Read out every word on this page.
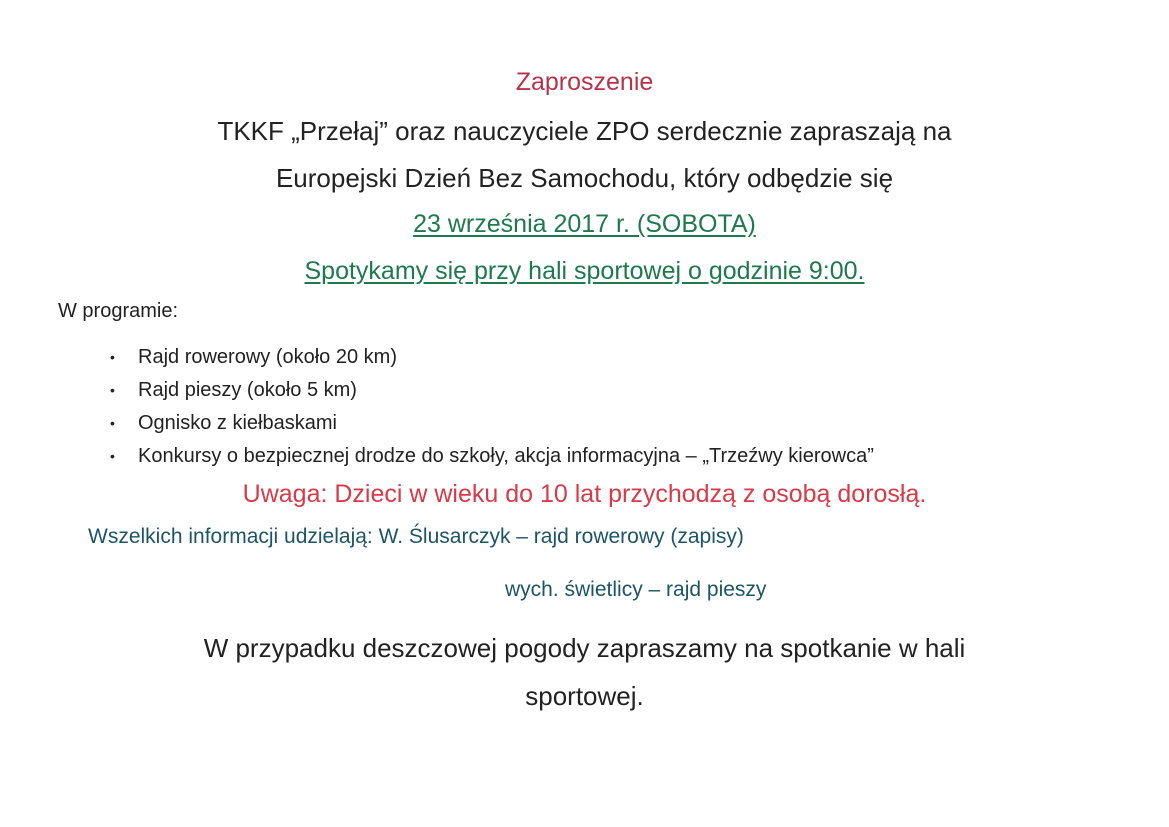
Zaproszenie
TKKF „Przełaj” oraz nauczyciele ZPO serdecznie zapraszają na
Europejski Dzień Bez Samochodu, który odbędzie się
23 września 2017 r. (SOBOTA)
Spotykamy się przy hali sportowej o godzinie 9:00.
W programie:
•	Rajd rowerowy (około 20 km)
•	Rajd pieszy (około 5 km)
•	Ognisko z kiełbaskami
•	Konkursy o bezpiecznej drodze do szkoły, akcja informacyjna – „Trzeźwy kierowca”
Uwaga: Dzieci w wieku do 10 lat przychodzą z osobą dorosłą.
Wszelkich informacji udzielają: W. Ślusarczyk – rajd rowerowy (zapisy)
wych. świetlicy – rajd pieszy
W przypadku deszczowej pogody zapraszamy na spotkanie w hali
sportowej.
